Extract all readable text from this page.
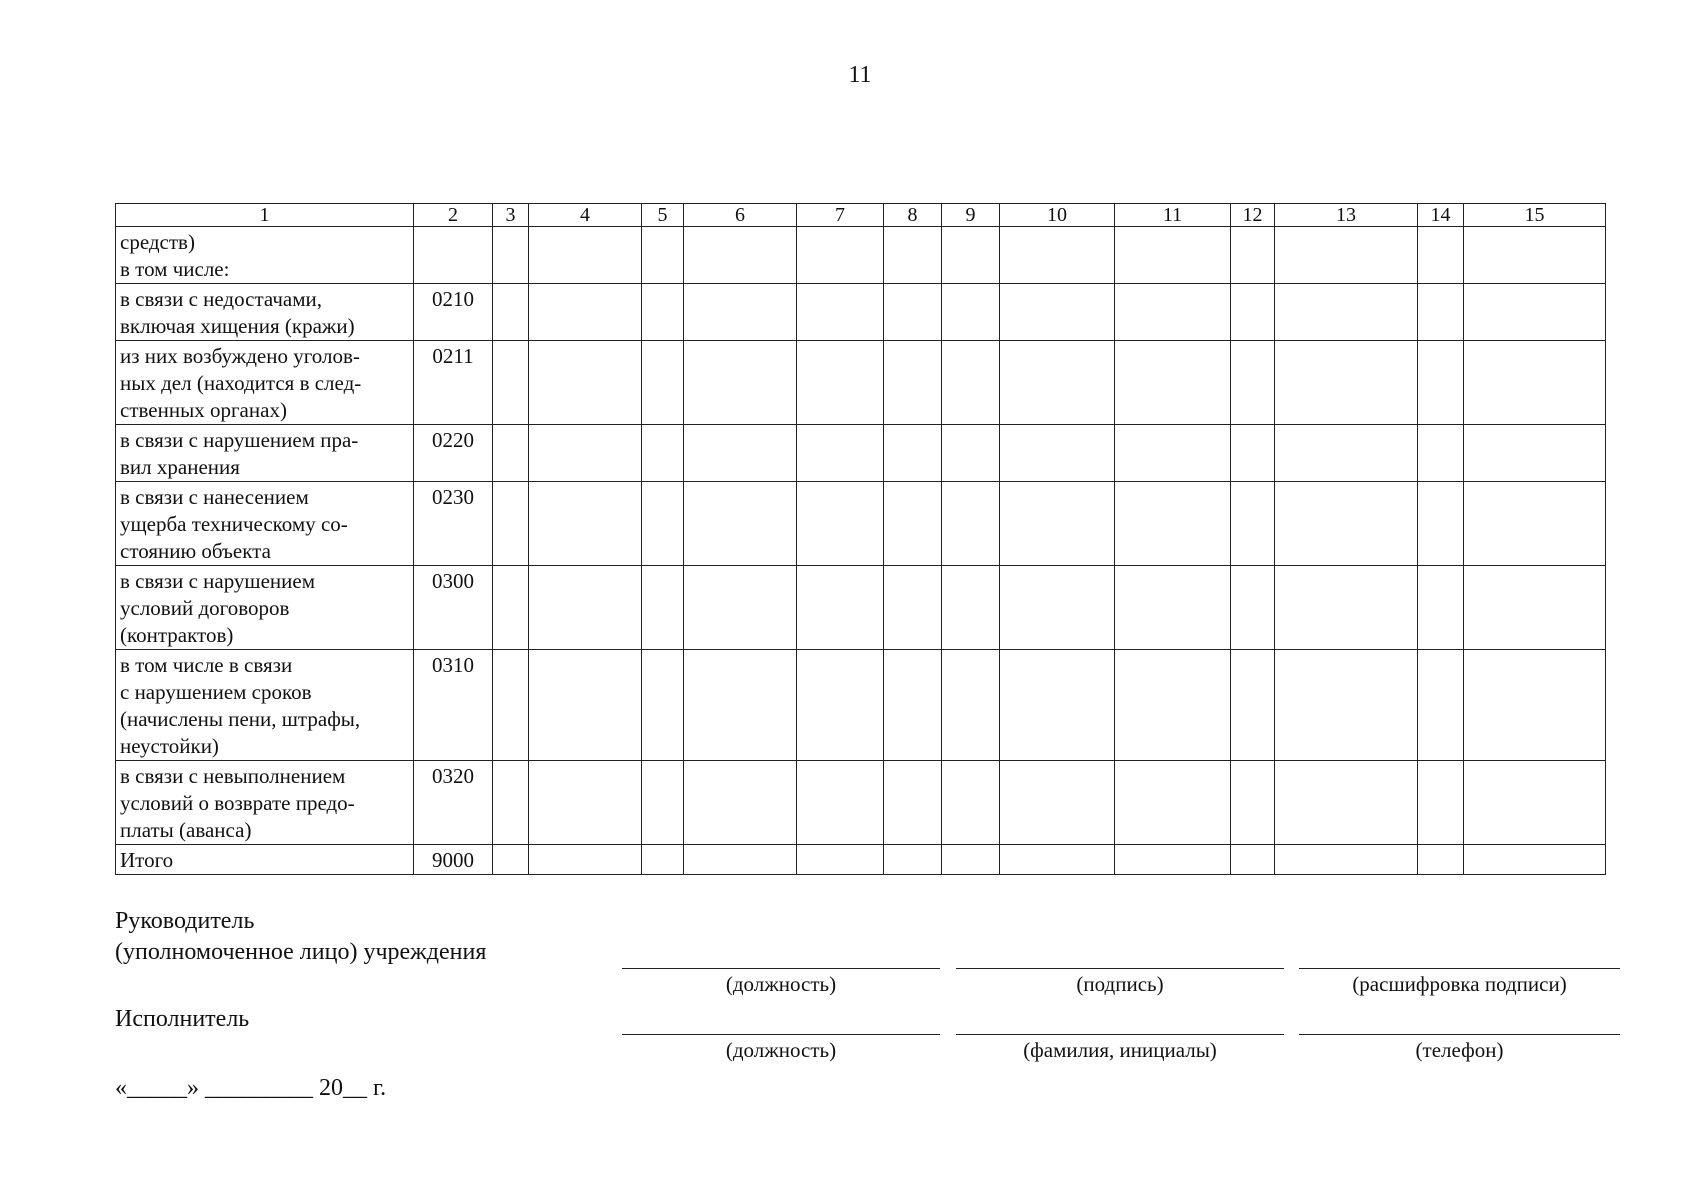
11
1	2	3	4	5	6	7	8	9	10	11	12	13	14	15
средств)
в том числе:														
в связи с недостачами,
включая хищения (кражи)	0210													
из них возбуждено уголов-
ных дел (находится в след-
ственных органах)	0211													
в связи с нарушением пра-
вил хранения	0220													
в связи с нанесением
ущерба техническому со-
стоянию объекта	0230													
в связи с нарушением
условий договоров
(контрактов)	0300													
в том числе в связи
с нарушением сроков
(начислены пени, штрафы,
неустойки)	0310													
в связи с невыполнением
условий о возврате предо-
платы (аванса)	0320													
Итого	9000													
Руководитель
(уполномоченное лицо) учреждения
(должность)	(подпись)	(расшифровка подписи)
Исполнитель
(должность)	(фамилия, инициалы)	(телефон)
«_____» _________ 20__ г.
